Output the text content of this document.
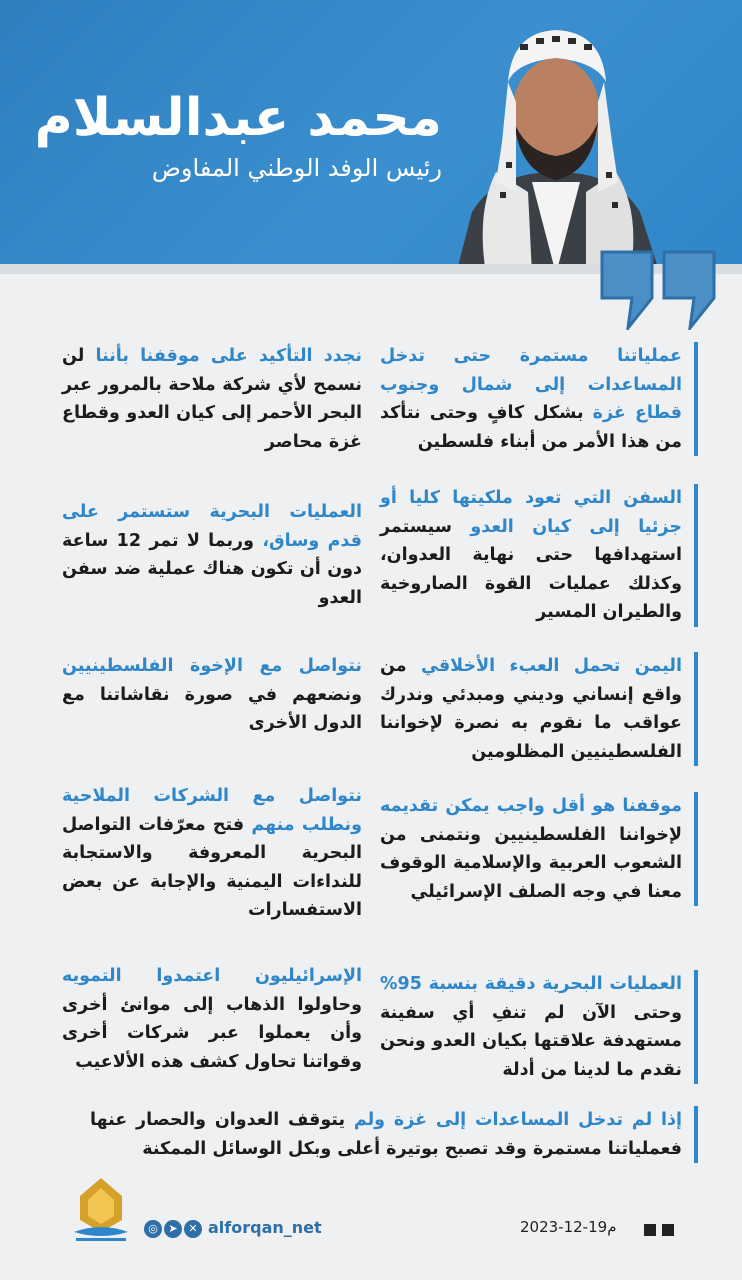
محمد عبدالسلام
رئيس الوفد الوطني المفاوض
عملياتنا مستمرة حتى تدخل المساعدات إلى شمال وجنوب قطاع غزة بشكل كافٍ وحتى نتأكد من هذا الأمر من أبناء فلسطين
السفن التي تعود ملكيتها كليا أو جزئيا إلى كيان العدو سيستمر استهدافها حتى نهاية العدوان، وكذلك عمليات القوة الصاروخية والطيران المسير
اليمن تحمل العبء الأخلاقي من واقع إنساني وديني ومبدئي وندرك عواقب ما نقوم به نصرة لإخواننا الفلسطينيين المظلومين
موقفنا هو أقل واجب يمكن تقديمه لإخواننا الفلسطينيين ونتمنى من الشعوب العربية والإسلامية الوقوف معنا في وجه الصلف الإسرائيلي
العمليات البحرية دقيقة بنسبة 95% وحتى الآن لم تنفِ أي سفينة مستهدفة علاقتها بكيان العدو ونحن نقدم ما لدينا من أدلة
نجدد التأكيد على موقفنا بأننا لن نسمح لأي شركة ملاحة بالمرور عبر البحر الأحمر إلى كيان العدو وقطاع غزة محاصر
العمليات البحرية ستستمر على قدم وساق، وربما لا تمر 12 ساعة دون أن تكون هناك عملية ضد سفن العدو
نتواصل مع الإخوة الفلسطينيين ونضعهم في صورة نقاشاتنا مع الدول الأخرى
نتواصل مع الشركات الملاحية ونطلب منهم فتح معرّفات التواصل البحرية المعروفة والاستجابة للنداءات اليمنية والإجابة عن بعض الاستفسارات
الإسرائيليون اعتمدوا التمويه وحاولوا الذهاب إلى موانئ أخرى وأن يعملوا عبر شركات أخرى وقواتنا تحاول كشف هذه الألاعيب
إذا لم تدخل المساعدات إلى غزة ولم يتوقف العدوان والحصار عنها فعملياتنا مستمرة وقد تصبح بوتيرة أعلى وبكل الوسائل الممكنة
◎ ➤ ✕ alforqan_net	2023-12-19م
